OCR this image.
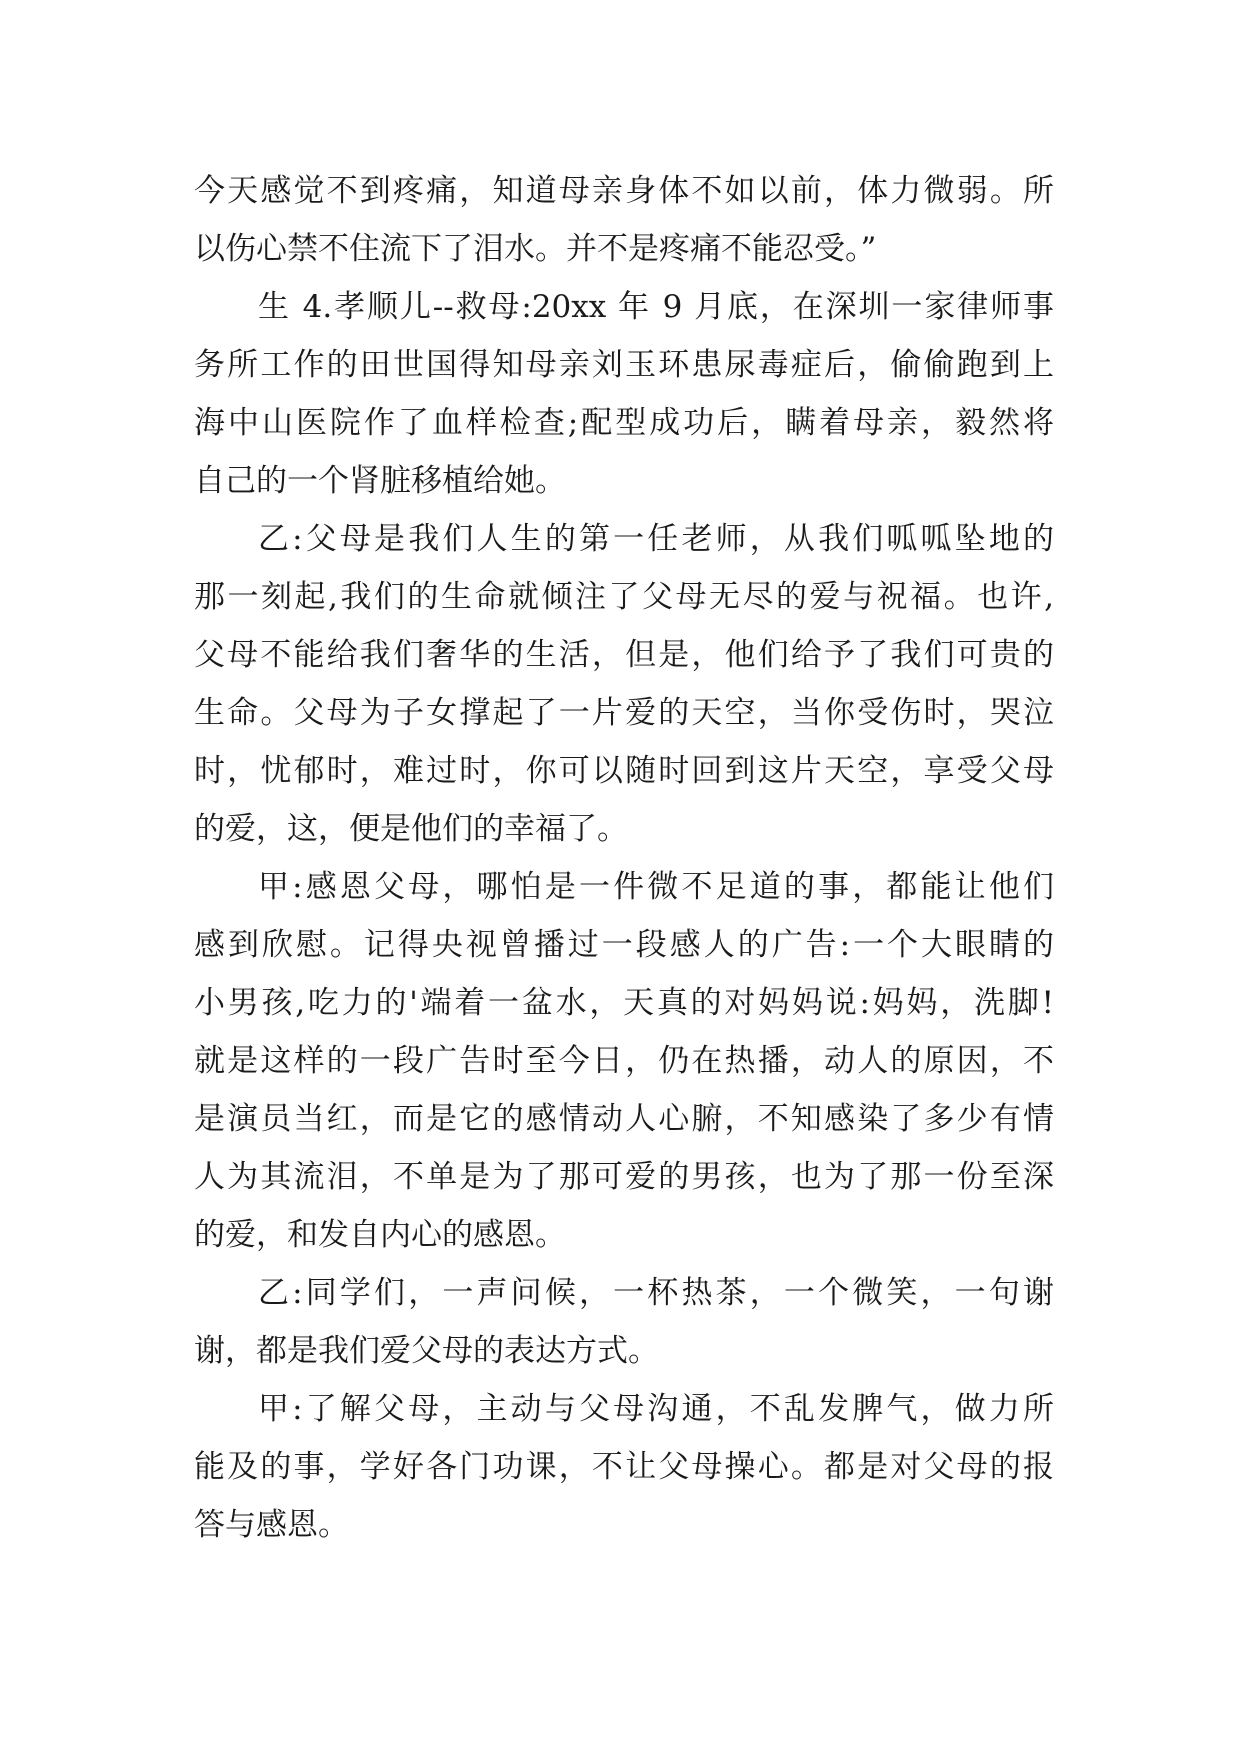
今天感觉不到疼痛，知道母亲身体不如以前，体力微弱。所
以伤心禁不住流下了泪水。并不是疼痛不能忍受。”
生 4.孝顺儿--救母:20xx 年 9 月底，在深圳一家律师事
务所工作的田世国得知母亲刘玉环患尿毒症后，偷偷跑到上
海中山医院作了血样检查;配型成功后，瞒着母亲，毅然将
自己的一个肾脏移植给她。
乙:父母是我们人生的第一任老师，从我们呱呱坠地的
那一刻起,我们的生命就倾注了父母无尽的爱与祝福。也许,
父母不能给我们奢华的生活，但是，他们给予了我们可贵的
生命。父母为子女撑起了一片爱的天空，当你受伤时，哭泣
时，忧郁时，难过时，你可以随时回到这片天空，享受父母
的爱，这，便是他们的幸福了。
甲:感恩父母，哪怕是一件微不足道的事，都能让他们
感到欣慰。记得央视曾播过一段感人的广告:一个大眼睛的
小男孩,吃力的'端着一盆水，天真的对妈妈说:妈妈，洗脚!
就是这样的一段广告时至今日，仍在热播，动人的原因，不
是演员当红，而是它的感情动人心腑，不知感染了多少有情
人为其流泪，不单是为了那可爱的男孩，也为了那一份至深
的爱，和发自内心的感恩。
乙:同学们，一声问候，一杯热茶，一个微笑，一句谢
谢，都是我们爱父母的表达方式。
甲:了解父母，主动与父母沟通，不乱发脾气，做力所
能及的事，学好各门功课，不让父母操心。都是对父母的报
答与感恩。
